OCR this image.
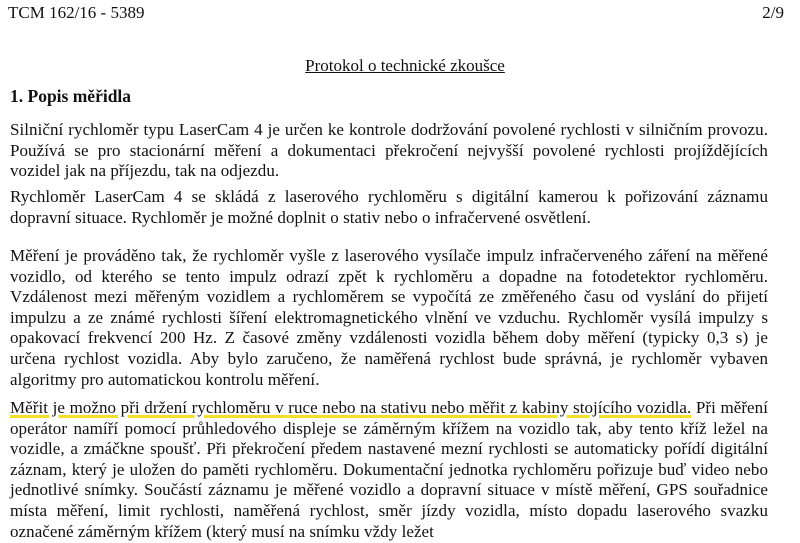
TCM 162/16 - 5389	2/9
Protokol o technické zkoušce
1. Popis měřidla
Silniční rychloměr typu LaserCam 4 je určen ke kontrole dodržování povolené rychlosti v silničním provozu. Používá se pro stacionární měření a dokumentaci překročení nejvyšší povolené rychlosti projíždějících vozidel jak na příjezdu, tak na odjezdu.
Rychloměr LaserCam 4 se skládá z laserového rychloměru s digitální kamerou k pořizování záznamu dopravní situace. Rychloměr je možné doplnit o stativ nebo o infračervené osvětlení.
Měření je prováděno tak, že rychloměr vyšle z laserového vysílače impulz infračerveného záření na měřené vozidlo, od kterého se tento impulz odrazí zpět k rychloměru a dopadne na fotodetektor rychloměru. Vzdálenost mezi měřeným vozidlem a rychloměrem se vypočítá ze změřeného času od vyslání do přijetí impulzu a ze známé rychlosti šíření elektromagnetického vlnění ve vzduchu. Rychloměr vysílá impulzy s opakovací frekvencí 200 Hz. Z časové změny vzdálenosti vozidla během doby měření (typicky 0,3 s) je určena rychlost vozidla. Aby bylo zaručeno, že naměřená rychlost bude správná, je rychloměr vybaven algoritmy pro automatickou kontrolu měření.
Měřit je možno při držení rychloměru v ruce nebo na stativu nebo měřit z kabiny stojícího vozidla. Při měření operátor namíří pomocí průhledového displeje se záměrným křížem na vozidlo tak, aby tento kříž ležel na vozidle, a zmáčkne spoušť. Při překročení předem nastavené mezní rychlosti se automaticky pořídí digitální záznam, který je uložen do paměti rychloměru. Dokumentační jednotka rychloměru pořizuje buď video nebo jednotlivé snímky. Součástí záznamu je měřené vozidlo a dopravní situace v místě měření, GPS souřadnice místa měření, limit rychlosti, naměřená rychlost, směr jízdy vozidla, místo dopadu laserového svazku označené záměrným křížem (který musí na snímku vždy ležet
